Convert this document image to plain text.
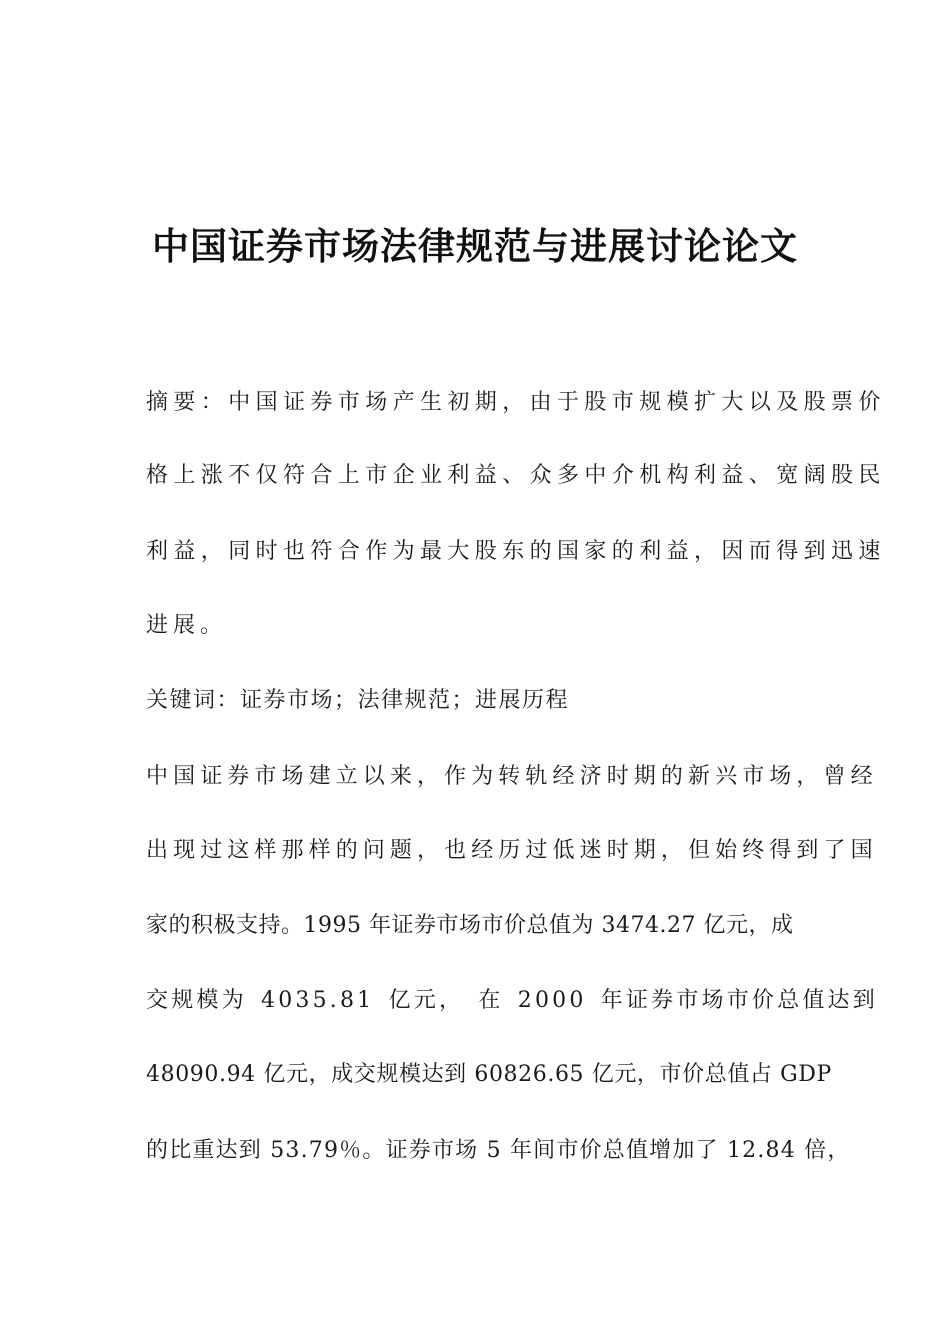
中国证券市场法律规范与进展讨论论文

摘要：中国证券市场产生初期，由于股市规模扩大以及股票价

格上涨不仅符合上市企业利益、众多中介机构利益、宽阔股民

利益，同时也符合作为最大股东的国家的利益，因而得到迅速

进展。

关键词：证券市场；法律规范；进展历程

中国证券市场建立以来，作为转轨经济时期的新兴市场，曾经

出现过这样那样的问题，也经历过低迷时期，但始终得到了国

家的积极支持。1995 年证券市场市价总值为 3474.27 亿元，成

交规模为 4035.81 亿元， 在 2000 年证券市场市价总值达到

48090.94 亿元，成交规模达到 60826.65 亿元，市价总值占 GDP

的比重达到 53.79％。证券市场 5 年间市价总值增加了 12.84 倍，
